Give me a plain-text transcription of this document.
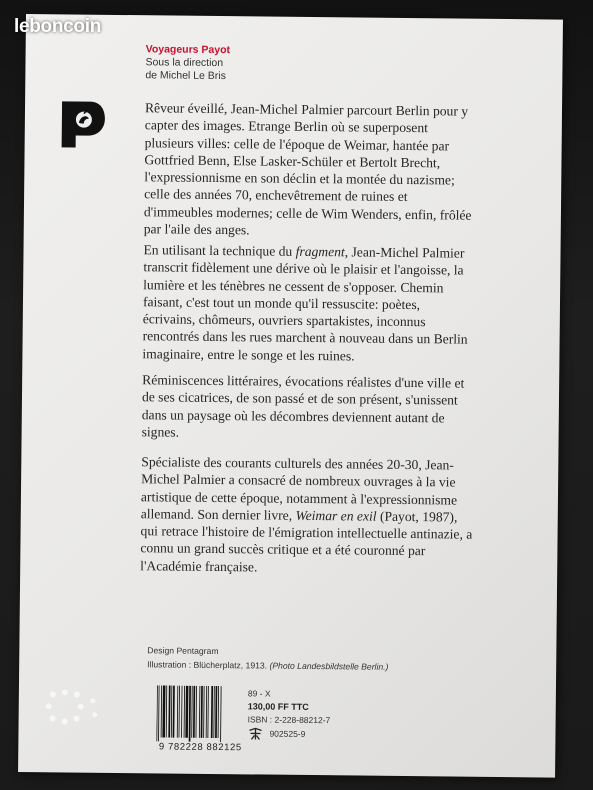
Voyageurs Payot
Sous la direction
de Michel Le Bris

Rêveur éveillé, Jean-Michel Palmier parcourt Berlin pour y capter des images. Etrange Berlin où se superposent plusieurs villes: celle de l'époque de Weimar, hantée par Gottfried Benn, Else Lasker-Schüler et Bertolt Brecht, l'expressionnisme en son déclin et la montée du nazisme; celle des années 70, enchevêtrement de ruines et d'immeubles modernes; celle de Wim Wenders, enfin, frôlée par l'aile des anges.

En utilisant la technique du fragment, Jean-Michel Palmier transcrit fidèlement une dérive où le plaisir et l'angoisse, la lumière et les ténèbres ne cessent de s'opposer. Chemin faisant, c'est tout un monde qu'il ressuscite: poètes, écrivains, chômeurs, ouvriers spartakistes, inconnus rencontrés dans les rues marchent à nouveau dans un Berlin imaginaire, entre le songe et les ruines.

Réminiscences littéraires, évocations réalistes d'une ville et de ses cicatrices, de son passé et de son présent, s'unissent dans un paysage où les décombres deviennent autant de signes.

Spécialiste des courants culturels des années 20-30, Jean-Michel Palmier a consacré de nombreux ouvrages à la vie artistique de cette époque, notamment à l'expressionnisme allemand. Son dernier livre, Weimar en exil (Payot, 1987), qui retrace l'histoire de l'émigration intellectuelle antinazie, a connu un grand succès critique et a été couronné par l'Académie française.

Design Pentagram
Illustration : Blücherplatz, 1913. (Photo Landesbildstelle Berlin.)
9 782228 882125
89 - X
130,00 FF TTC
ISBN : 2-228-88212-7
902525-9
leboncoin
